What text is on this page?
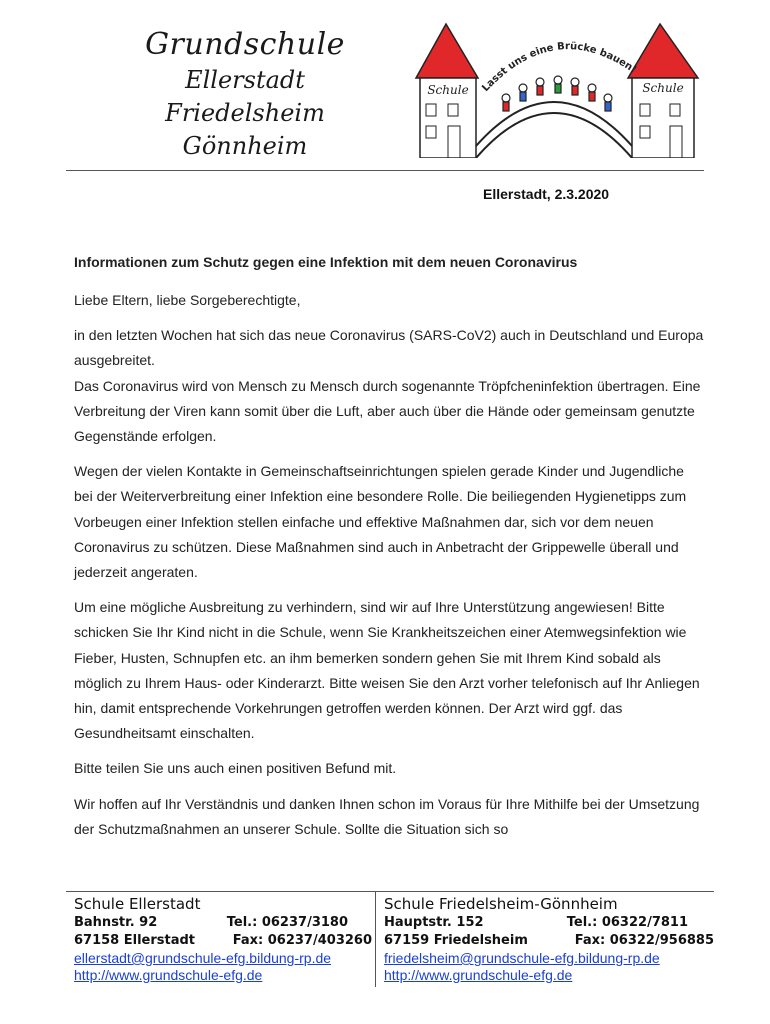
Grundschule
Ellerstadt
Friedelsheim
Gönnheim
Schule	Schule
Lasst uns eine Brücke bauen!
Ellerstadt, 2.3.2020
Informationen zum Schutz gegen eine Infektion mit dem neuen Coronavirus

Liebe Eltern, liebe Sorgeberechtigte,

in den letzten Wochen hat sich das neue Coronavirus (SARS-CoV2) auch in Deutschland und Europa ausgebreitet.

Das Coronavirus wird von Mensch zu Mensch durch sogenannte Tröpfcheninfektion übertragen. Eine Verbreitung der Viren kann somit über die Luft, aber auch über die Hände oder gemeinsam genutzte Gegenstände erfolgen.

Wegen der vielen Kontakte in Gemeinschaftseinrichtungen spielen gerade Kinder und Jugendliche bei der Weiterverbreitung einer Infektion eine besondere Rolle. Die beiliegenden Hygienetipps zum Vorbeugen einer Infektion stellen einfache und effektive Maßnahmen dar, sich vor dem neuen Coronavirus zu schützen. Diese Maßnahmen sind auch in Anbetracht der Grippewelle überall und jederzeit angeraten.

Um eine mögliche Ausbreitung zu verhindern, sind wir auf Ihre Unterstützung angewiesen! Bitte schicken Sie Ihr Kind nicht in die Schule, wenn Sie Krankheitszeichen einer Atemwegsinfektion wie Fieber, Husten, Schnupfen etc. an ihm bemerken sondern gehen Sie mit Ihrem Kind sobald als möglich zu Ihrem Haus- oder Kinderarzt. Bitte weisen Sie den Arzt vorher telefonisch auf Ihr Anliegen hin, damit entsprechende Vorkehrungen getroffen werden können. Der Arzt wird ggf. das Gesundheitsamt einschalten.

Bitte teilen Sie uns auch einen positiven Befund mit.

Wir hoffen auf Ihr Verständnis und danken Ihnen schon im Voraus für Ihre Mithilfe bei der Umsetzung der Schutzmaßnahmen an unserer Schule. Sollte die Situation sich so

Schule Ellerstadt
Bahnstr. 92	Tel.: 06237/3180
67158 Ellerstadt	Fax: 06237/403260
ellerstadt@grundschule-efg.bildung-rp.de
http://www.grundschule-efg.de
Schule Friedelsheim-Gönnheim
Hauptstr. 152	Tel.: 06322/7811
67159 Friedelsheim	Fax: 06322/956885
friedelsheim@grundschule-efg.bildung-rp.de
http://www.grundschule-efg.de
